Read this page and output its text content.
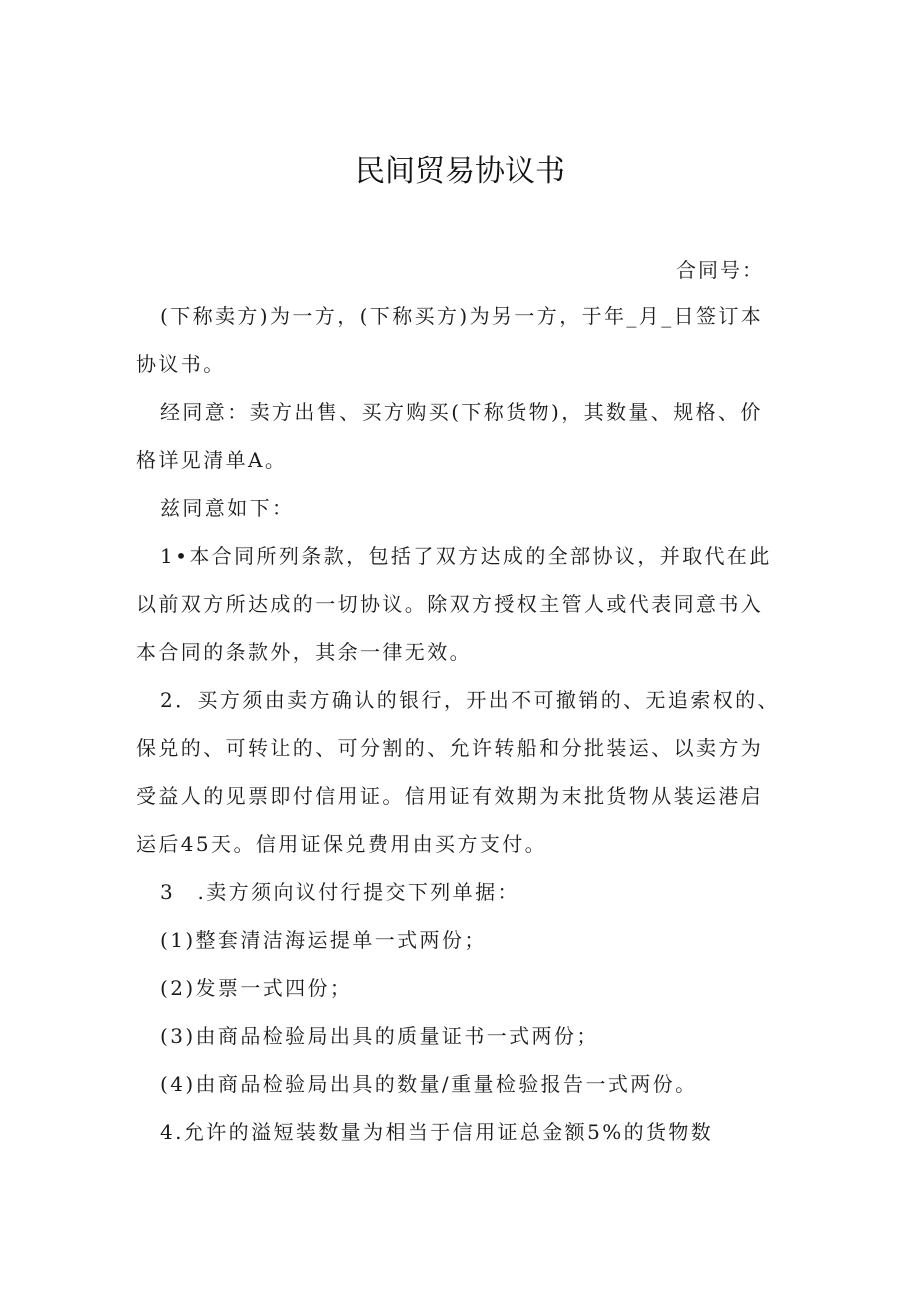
民间贸易协议书

合同号：

(下称卖方)为一方，(下称买方)为另一方，于年_月_日签订本

协议书。

经同意：卖方出售、买方购买(下称货物)，其数量、规格、价

格详见清单A。

兹同意如下：

1•本合同所列条款，包括了双方达成的全部协议，并取代在此

以前双方所达成的一切协议。除双方授权主管人或代表同意书入

本合同的条款外，其余一律无效。

2．买方须由卖方确认的银行，开出不可撤销的、无追索权的、

保兑的、可转让的、可分割的、允许转船和分批装运、以卖方为

受益人的见票即付信用证。信用证有效期为末批货物从装运港启

运后45天。信用证保兑费用由买方支付。

3　.卖方须向议付行提交下列单据：

(1)整套清洁海运提单一式两份；

(2)发票一式四份；

(3)由商品检验局出具的质量证书一式两份；

(4)由商品检验局出具的数量/重量检验报告一式两份。

4.允许的溢短装数量为相当于信用证总金额5%的货物数
